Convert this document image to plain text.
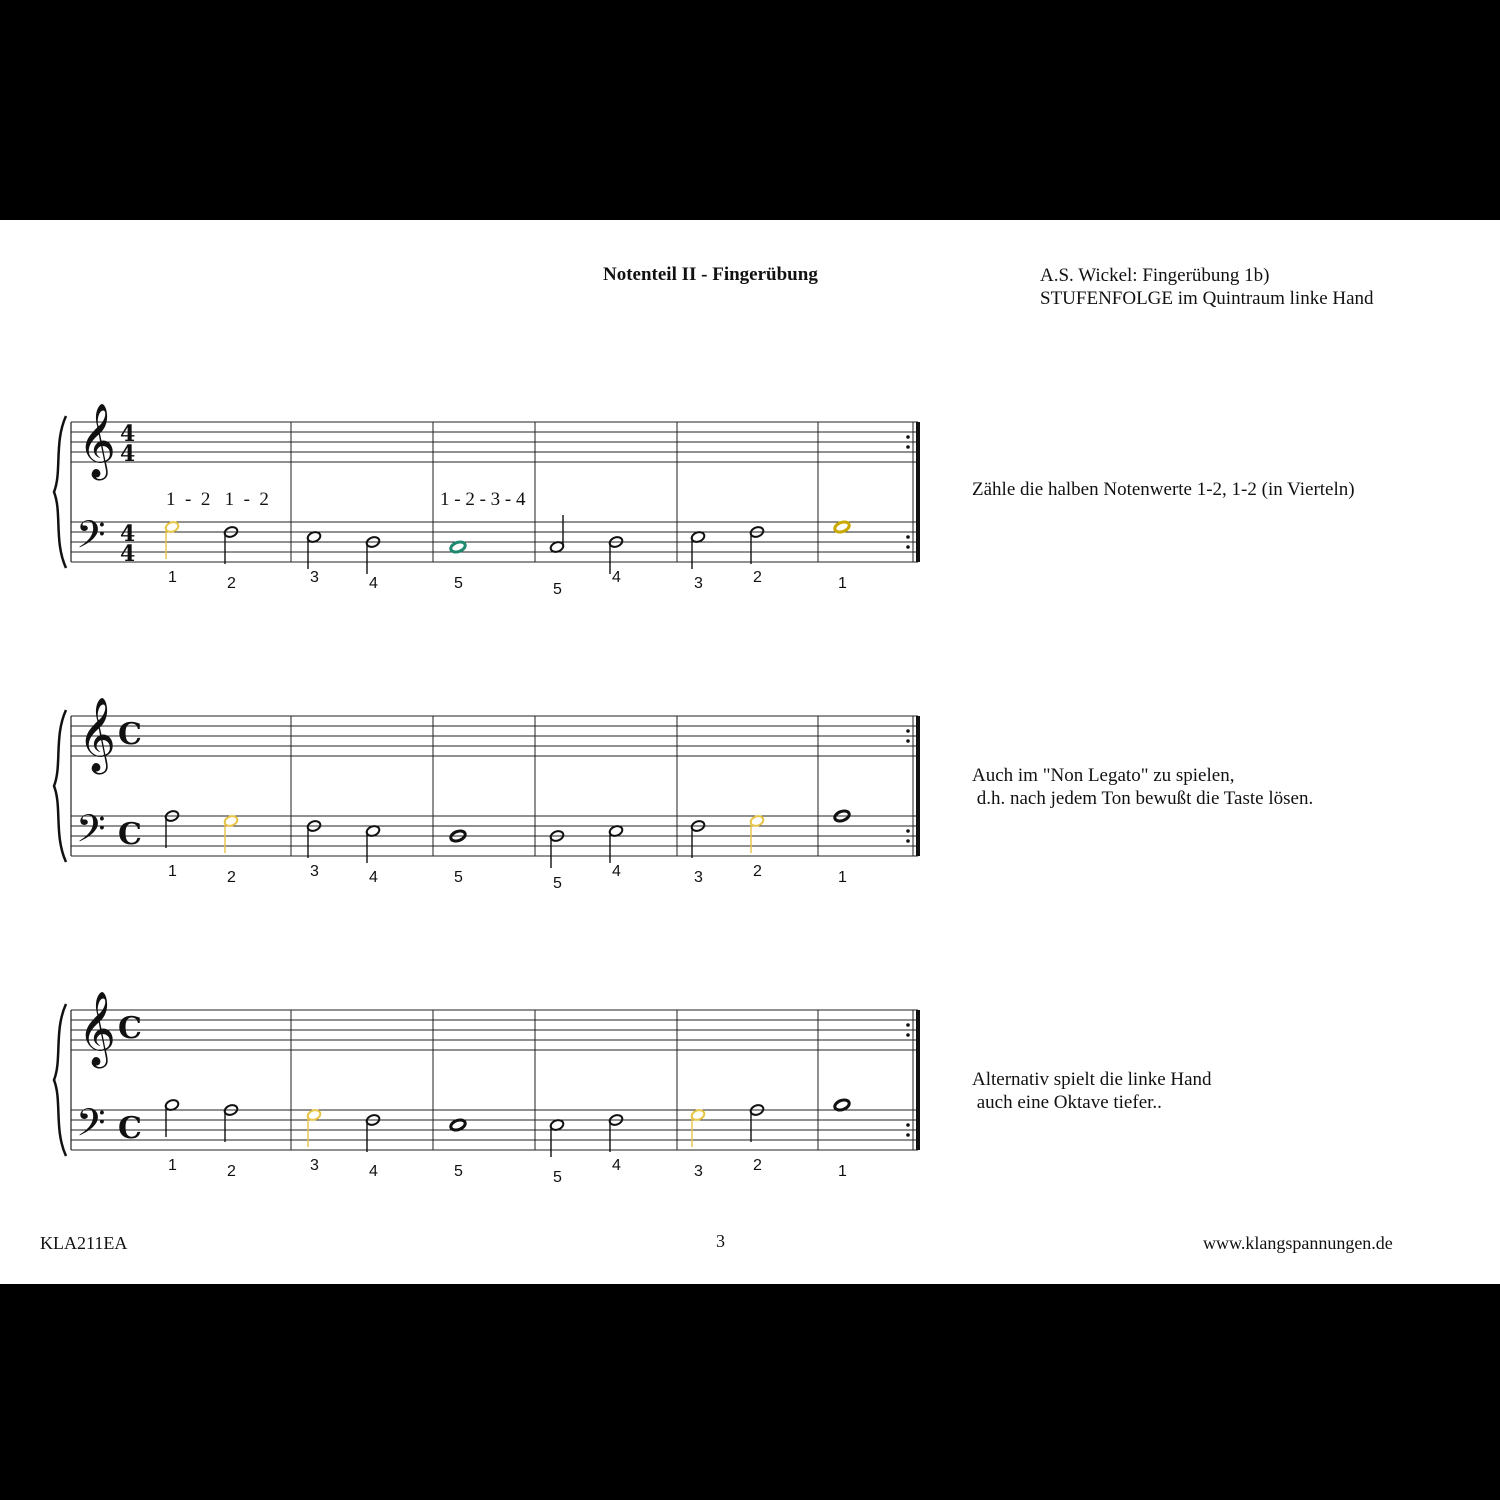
Notenteil II - Fingerübung	A.S. Wickel: Fingerübung 1b)
STUFENFOLGE im Quintraum linke Hand
𝄞
𝄢
4
4
4
4
1  -  2   1  -  2	1 - 2 - 3 - 4
1	2	3	4	5	5
4	3	2	1
Zähle die halben Notenwerte 1-2, 1-2 (in Vierteln)
𝄞
𝄢
C
C
1	2	3	4	5	5
4	3	2	1
Auch im "Non Legato" zu spielen,
d.h. nach jedem Ton bewußt die Taste lösen.
𝄞
𝄢
C
C
1	2	3	4	5	5
4	3	2	1
Alternativ spielt die linke Hand
auch eine Oktave tiefer..
KLA211EA	3	www.klangspannungen.de
